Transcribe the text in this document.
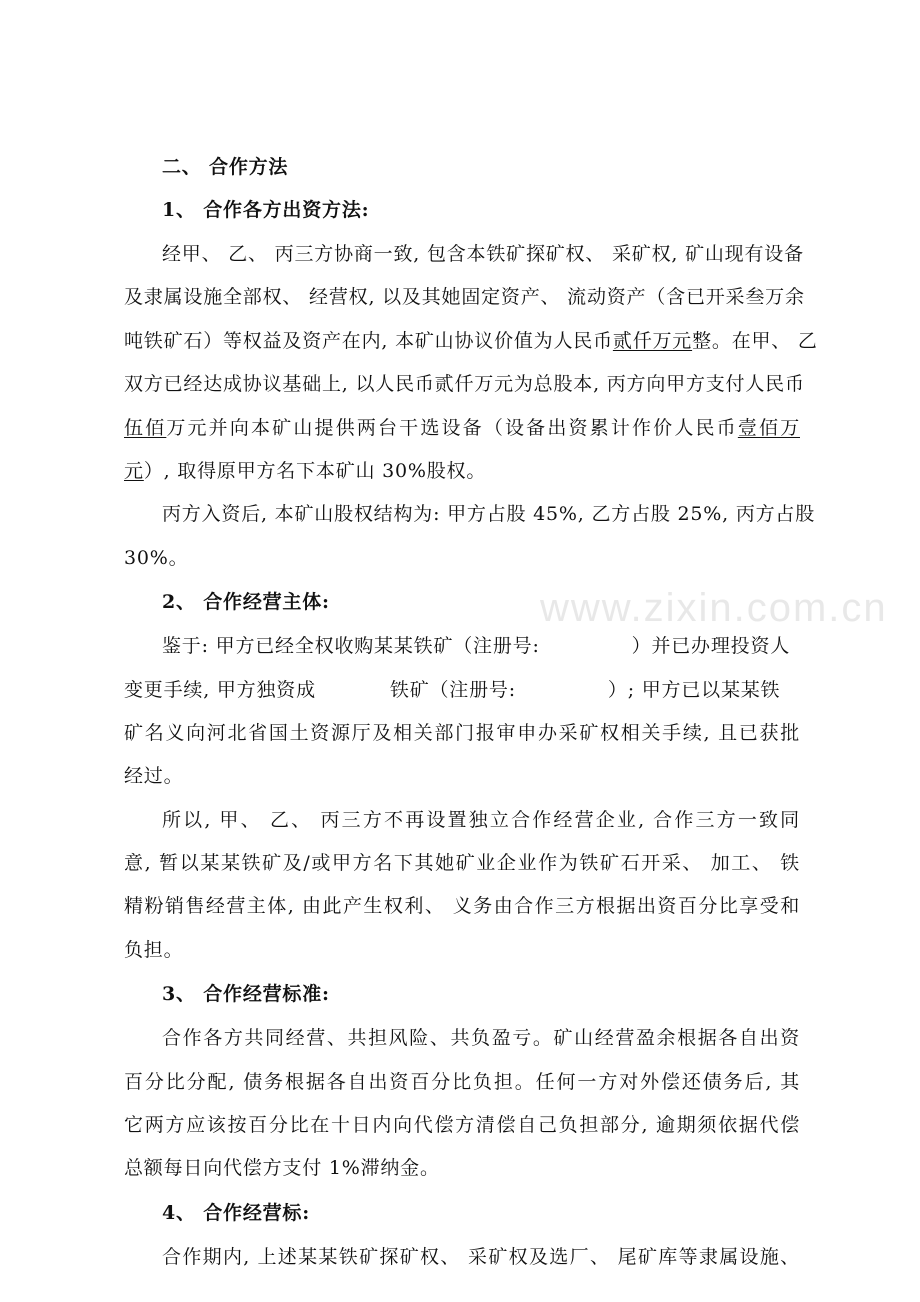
www.zixin.com.cn
二、 合作方法
1、 合作各方出资方法:
经甲、 乙、 丙三方协商一致, 包含本铁矿探矿权、 采矿权, 矿山现有设备
及隶属设施全部权、 经营权, 以及其她固定资产、 流动资产（含已开采叁万余
吨铁矿石）等权益及资产在内, 本矿山协议价值为人民币贰仟万元整。在甲、 乙
双方已经达成协议基础上, 以人民币贰仟万元为总股本, 丙方向甲方支付人民币
伍佰万元并向本矿山提供两台干选设备（设备出资累计作价人民币壹佰万
元）, 取得原甲方名下本矿山 30%股权。
丙方入资后, 本矿山股权结构为: 甲方占股 45%, 乙方占股 25%, 丙方占股
30%。
2、 合作经营主体:
鉴于: 甲方已经全权收购某某铁矿（注册号:	）并已办理投资人
变更手续, 甲方独资成	铁矿（注册号:	）; 甲方已以某某铁
矿名义向河北省国土资源厅及相关部门报审申办采矿权相关手续, 且已获批
经过。
所以, 甲、 乙、 丙三方不再设置独立合作经营企业, 合作三方一致同
意, 暂以某某铁矿及/或甲方名下其她矿业企业作为铁矿石开采、 加工、 铁
精粉销售经营主体, 由此产生权利、 义务由合作三方根据出资百分比享受和
负担。
3、 合作经营标准:
合作各方共同经营、共担风险、共负盈亏。矿山经营盈余根据各自出资
百分比分配, 债务根据各自出资百分比负担。任何一方对外偿还债务后, 其
它两方应该按百分比在十日内向代偿方清偿自己负担部分, 逾期须依据代偿
总额每日向代偿方支付 1%滞纳金。
4、 合作经营标:
合作期内, 上述某某铁矿探矿权、 采矿权及选厂、 尾矿库等隶属设施、
